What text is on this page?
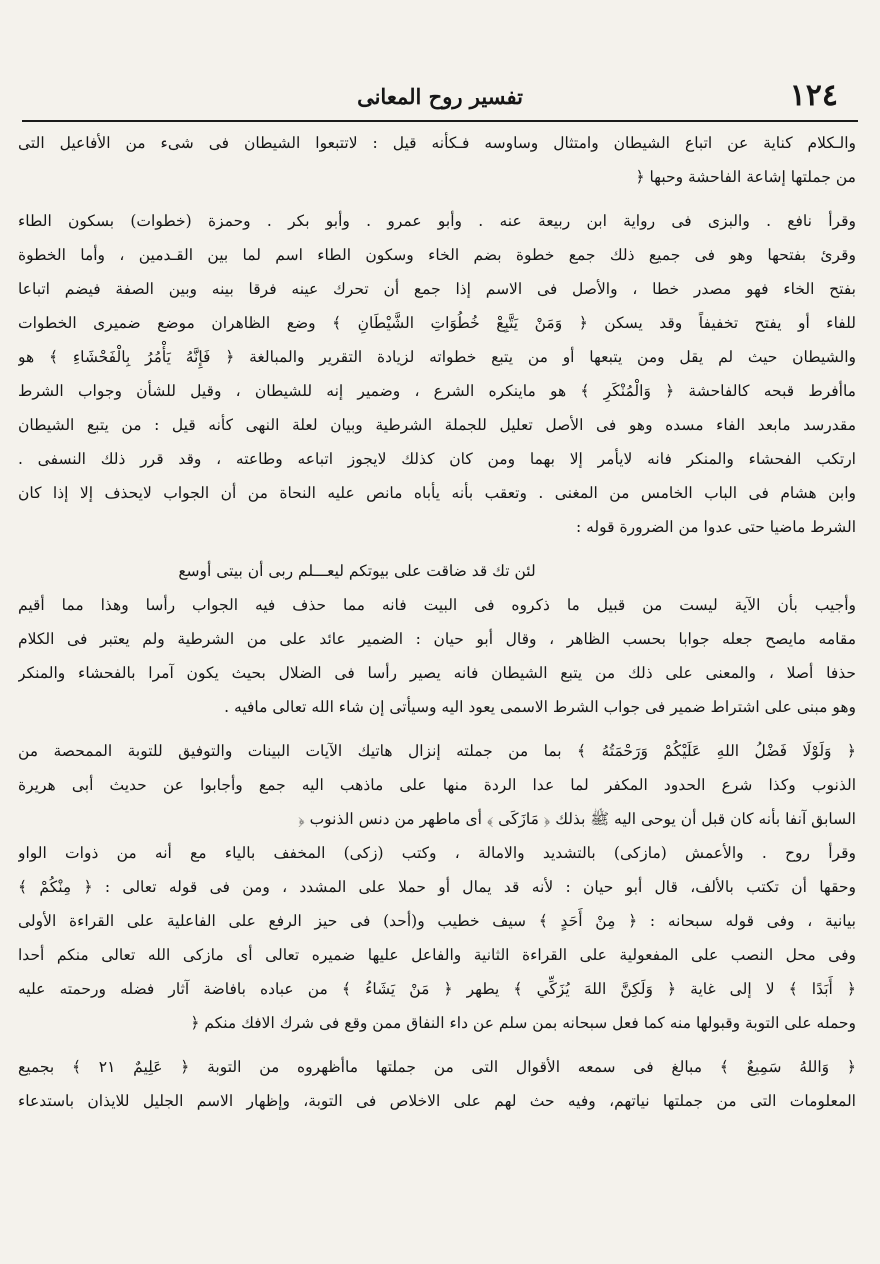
١٢٤
تفسير روح المعانى
والـكلام كناية عن اتباع الشيطان وامتثال وساوسه فـكأنه قيل : لاتتبعوا الشيطان فى شىء من الأفاعيل التى
من جملتها إشاعة الفاحشة وحبها ﴿
وقرأ نافع . والبزى فى رواية ابن ربيعة عنه . وأبو عمرو . وأبو بكر . وحمزة (خطوات) بسكون الطاء
وقرئ بفتحها وهو فى جميع ذلك جمع خطوة بضم الخاء وسكون الطاء اسم لما بين القـدمين ، وأما الخطوة
بفتح الخاء فهو مصدر خطا ، والأصل فى الاسم إذا جمع أن تحرك عينه فرقا بينه وبين الصفة فيضم اتباعا
للفاء أو يفتح تخفيفاً وقد يسكن ﴿ وَمَنْ يَتَّبِعْ خُطُوَاتِ الشَّيْطَانِ ﴾ وضع الظاهران موضع ضميرى الخطوات
والشيطان حيث لم يقل ومن يتبعها أو من يتبع خطواته لزيادة التقرير والمبالغة ﴿ فَإِنَّهُ يَأْمُرُ بِالْفَحْشَاءِ ﴾ هو
ماأفرط قبحه كالفاحشة ﴿ وَالْمُنْكَرِ ﴾ هو ماينكره الشرع ، وضمير إنه للشيطان ، وقيل للشأن وجواب الشرط
مقدرسد مابعد الفاء مسده وهو فى الأصل تعليل للجملة الشرطية وبيان لعلة النهى كأنه قيل : من يتبع الشيطان
ارتكب الفحشاء والمنكر فانه لايأمر إلا بهما ومن كان كذلك لايجوز اتباعه وطاعته ، وقد قرر ذلك النسفى .
وابن هشام فى الباب الخامس من المغنى . وتعقب بأنه يأباه مانص عليه النحاة من أن الجواب لايحذف إلا إذا كان
الشرط ماضيا حتى عدوا من الضرورة قوله :
لئن تك قد ضاقت على بيوتكم ليعـــلم ربى أن بيتى أوسع
وأجيب بأن الآية ليست من قبيل ما ذكروه فى البيت فانه مما حذف فيه الجواب رأسا وهذا مما أقيم
مقامه مايصح جعله جوابا بحسب الظاهر ، وقال أبو حيان : الضمير عائد على من الشرطية ولم يعتبر فى الكلام
حذفا أصلا ، والمعنى على ذلك من يتبع الشيطان فانه يصير رأسا فى الضلال بحيث يكون آمرا بالفحشاء والمنكر
وهو مبنى على اشتراط ضمير فى جواب الشرط الاسمى يعود اليه وسيأتى إن شاء الله تعالى مافيه .
﴿ وَلَوْلَا فَضْلُ اللهِ عَلَيْكُمْ وَرَحْمَتُهُ ﴾ بما من جملته إنزال هاتيك الآيات البينات والتوفيق للتوبة الممحصة من
الذنوب وكذا شرع الحدود المكفر لما عدا الردة منها على ماذهب اليه جمع وأجابوا عن حديث أبى هريرة
السابق آنفا بأنه كان قبل أن يوحى اليه ﷺ بذلك ﴿ مَازَكَى ﴾ أى ماطهر من دنس الذنوب ﴿
وقرأ روح . والأعمش (مازكى) بالتشديد والامالة ، وكتب (زكى) المخفف بالياء مع أنه من ذوات الواو
وحقها أن تكتب بالألف، قال أبو حيان : لأنه قد يمال أو حملا على المشدد ، ومن فى قوله تعالى : ﴿ مِنْكُمْ ﴾
بيانية ، وفى قوله سبحانه : ﴿ مِنْ أَحَدٍ ﴾ سيف خطيب و(أحد) فى حيز الرفع على الفاعلية على القراءة الأولى
وفى محل النصب على المفعولية على القراءة الثانية والفاعل عليها ضميره تعالى أى مازكى الله تعالى منكم أحدا
﴿ أَبَدًا ﴾ لا إلى غاية ﴿ وَلَكِنَّ اللهَ يُزَكِّي ﴾ يطهر ﴿ مَنْ يَشَاءُ ﴾ من عباده بافاضة آثار فضله ورحمته عليه
وحمله على التوبة وقبولها منه كما فعل سبحانه بمن سلم عن داء النفاق ممن وقع فى شرك الافك منكم ﴿
﴿ وَاللهُ سَمِيعٌ ﴾ مبالغ فى سمعه الأقوال التى من جملتها ماأظهروه من التوبة ﴿ عَلِيمٌ ٢١ ﴾ بجميع
المعلومات التى من جملتها نياتهم، وفيه حث لهم على الاخلاص فى التوبة، وإظهار الاسم الجليل للايذان باستدعاء
